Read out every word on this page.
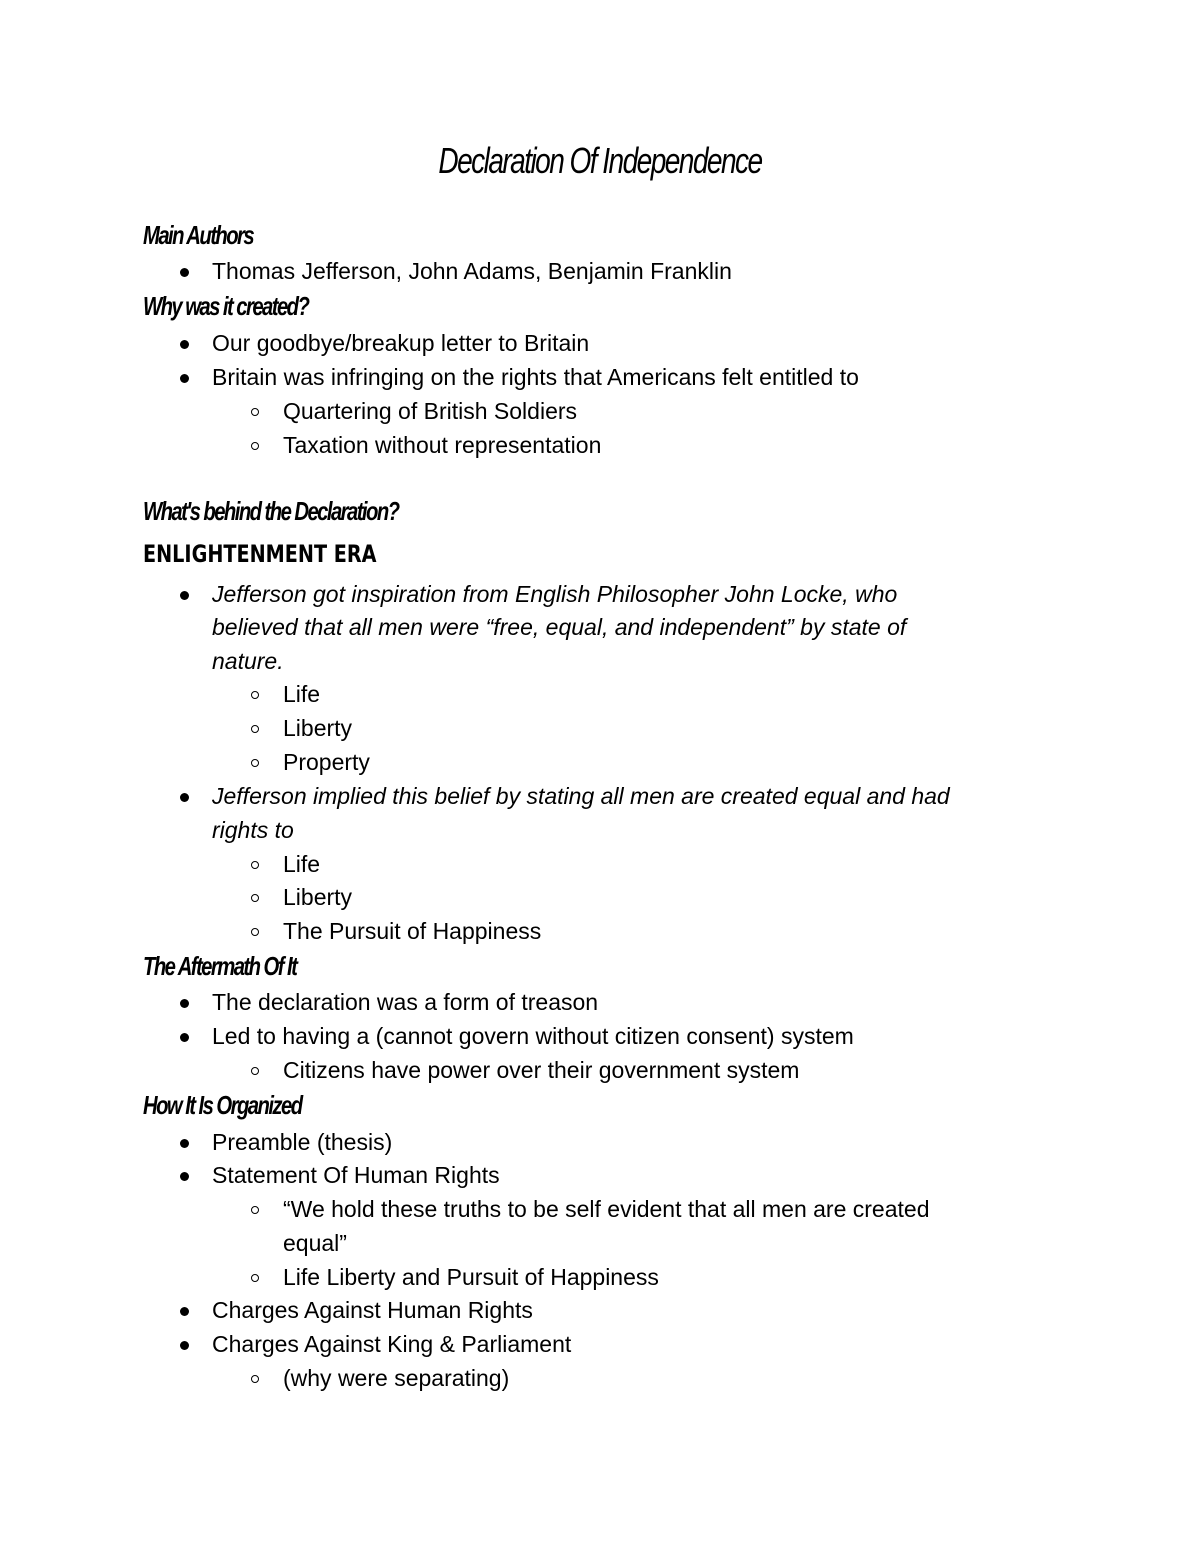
Declaration Of Independence
Main Authors
Thomas Jefferson, John Adams, Benjamin Franklin
Why was it created?
Our goodbye/breakup letter to Britain
Britain was infringing on the rights that Americans felt entitled to
Quartering of British Soldiers
Taxation without representation
What's behind the Declaration?
ENLIGHTENMENT ERA
Jefferson got inspiration from English Philosopher John Locke, who
believed that all men were “free, equal, and independent” by state of
nature.
Life
Liberty
Property
Jefferson implied this belief by stating all men are created equal and had
rights to
Life
Liberty
The Pursuit of Happiness
The Aftermath Of It
The declaration was a form of treason
Led to having a (cannot govern without citizen consent) system
Citizens have power over their government system
How It Is Organized
Preamble (thesis)
Statement Of Human Rights
“We hold these truths to be self evident that all men are created
equal”
Life Liberty and Pursuit of Happiness
Charges Against Human Rights
Charges Against King & Parliament
(why were separating)
